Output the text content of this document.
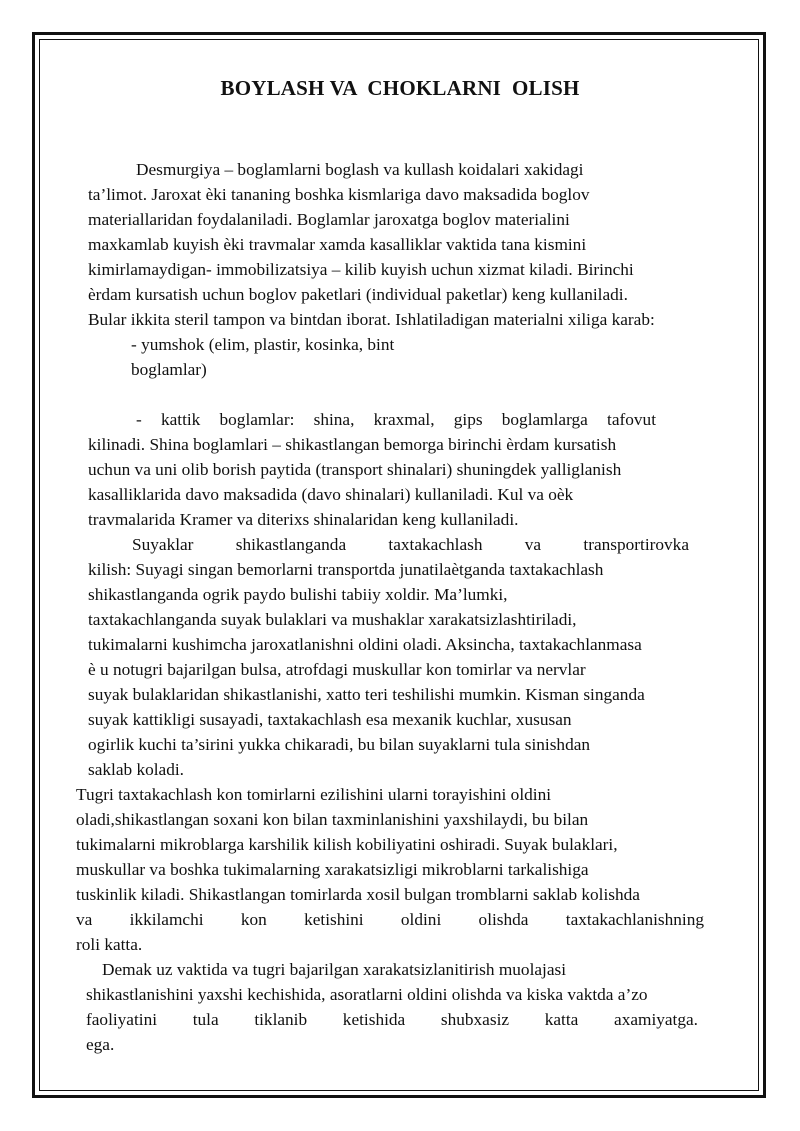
BOYLASH VA  CHOKLARNI  OLISH
Desmurgiya – boglamlarni boglash va kullash koidalari xakidagi
ta’limot. Jaroxat èki tananing boshka kismlariga davo maksadida boglov
materiallaridan foydalaniladi. Boglamlar jaroxatga boglov materialini
maxkamlab kuyish èki travmalar xamda kasalliklar vaktida tana kismini
kimirlamaydigan- immobilizatsiya – kilib kuyish uchun xizmat kiladi. Birinchi
èrdam kursatish uchun boglov paketlari (individual paketlar) keng kullaniladi.
Bular ikkita steril tampon va bintdan iborat. Ishlatiladigan materialni xiliga karab:
- yumshok (elim, plastir, kosinka, bint
boglamlar)
- kattik boglamlar: shina, kraxmal, gips boglamlarga tafovut
kilinadi. Shina boglamlari – shikastlangan bemorga birinchi èrdam kursatish
uchun va uni olib borish paytida (transport shinalari) shuningdek yalliglanish
kasalliklarida davo maksadida (davo shinalari) kullaniladi. Kul va oèk
travmalarida Kramer va diterixs shinalaridan keng kullaniladi.
Suyaklar shikastlanganda taxtakachlash va transportirovka
kilish: Suyagi singan bemorlarni transportda junatilaètganda taxtakachlash
shikastlanganda ogrik paydo bulishi tabiiy xoldir. Ma’lumki,
taxtakachlanganda suyak bulaklari va mushaklar xarakatsizlashtiriladi,
tukimalarni kushimcha jaroxatlanishni oldini oladi. Aksincha, taxtakachlanmasa
è u notugri bajarilgan bulsa, atrofdagi muskullar kon tomirlar va nervlar
suyak bulaklaridan shikastlanishi, xatto teri teshilishi mumkin. Kisman singanda
suyak kattikligi susayadi, taxtakachlash esa mexanik kuchlar, xususan
ogirlik kuchi ta’sirini yukka chikaradi, bu bilan suyaklarni tula sinishdan
saklab koladi.
Tugri taxtakachlash kon tomirlarni ezilishini ularni torayishini oldini
oladi,shikastlangan soxani kon bilan taxminlanishini yaxshilaydi, bu bilan
tukimalarni mikroblarga karshilik kilish kobiliyatini oshiradi. Suyak bulaklari,
muskullar va boshka tukimalarning xarakatsizligi mikroblarni tarkalishiga
tuskinlik kiladi. Shikastlangan tomirlarda xosil bulgan tromblarni saklab kolishda
va ikkilamchi kon ketishini oldini olishda taxtakachlanishning
roli katta.
Demak uz vaktida va tugri bajarilgan xarakatsizlanitirish muolajasi
shikastlanishini yaxshi kechishida, asoratlarni oldini olishda va kiska vaktda a’zo
faoliyatini tula tiklanib ketishida shubxasiz katta axamiyatga.
ega.
